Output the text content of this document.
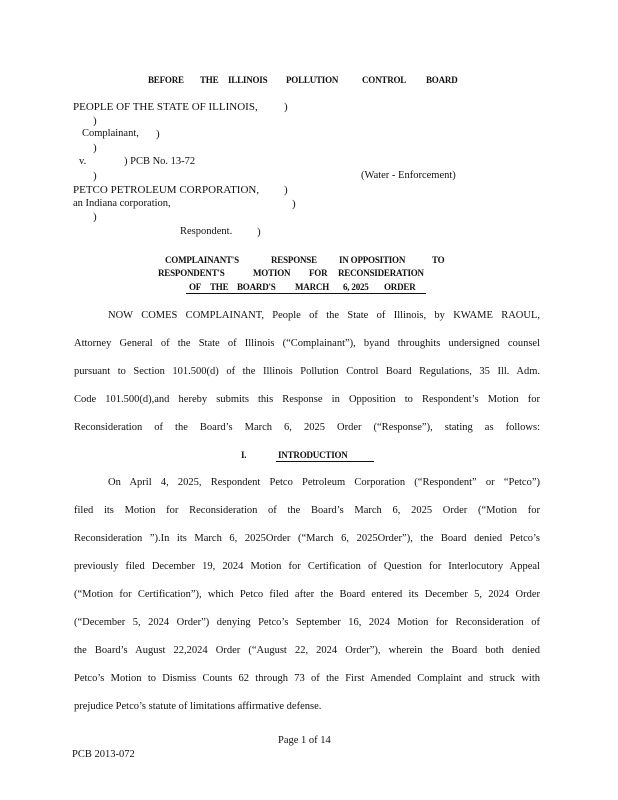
BEFORE THE ILLINOIS POLLUTION	CONTROL BOARD
PEOPLE OF THE STATE OF ILLINOIS, )
)
Complainant, )
)
v.	) PCB No. 13-72
)	(Water - Enforcement)
PETCO PETROLEUM CORPORATION, )
an Indiana corporation,	)
)
Respondent. )
COMPLAINANT'S	RESPONSE IN OPPOSITION	TO
RESPONDENT'S	MOTION FOR RECONSIDERATION
OF THE BOARD'S MARCH 6, 2025 ORDER
NOW COMES COMPLAINANT, People of the State of Illinois, by KWAME RAOUL,
Attorney General of the State of Illinois (“Complainant”), byand throughits undersigned counsel
pursuant to Section 101.500(d) of the Illinois Pollution Control Board Regulations, 35 Ill. Adm.
Code 101.500(d),and hereby submits this Response in Opposition to Respondent’s Motion for
Reconsideration of the Board’s March 6, 2025 Order (“Response”), stating as follows:
I.	INTRODUCTION
On April 4, 2025, Respondent Petco Petroleum Corporation (“Respondent” or “Petco”)
filed its Motion for Reconsideration of the Board’s March 6, 2025 Order (“Motion for
Reconsideration ”).In its March 6, 2025Order (“March 6, 2025Order”), the Board denied Petco’s
previously filed December 19, 2024 Motion for Certification of Question for Interlocutory Appeal
(“Motion for Certification”), which Petco filed after the Board entered its December 5, 2024 Order
(“December 5, 2024 Order”) denying Petco’s September 16, 2024 Motion for Reconsideration of
the Board’s August 22,2024 Order (“August 22, 2024 Order”), wherein the Board both denied
Petco’s Motion to Dismiss Counts 62 through 73 of the First Amended Complaint and struck with
prejudice Petco’s statute of limitations affirmative defense.
Page 1 of 14
PCB 2013-072
